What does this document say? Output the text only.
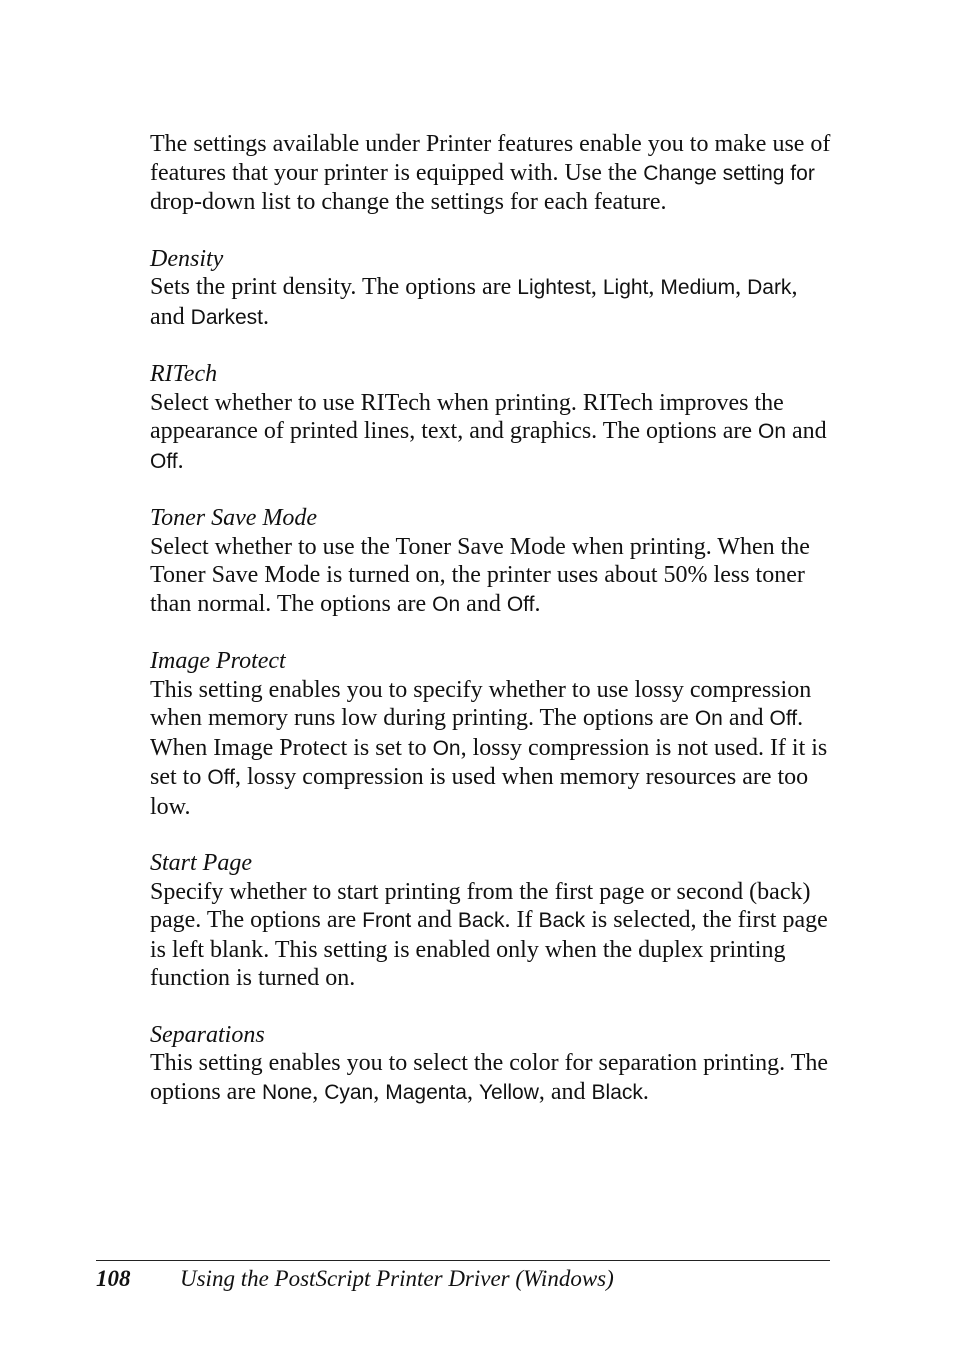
The settings available under Printer features enable you to make use of features that your printer is equipped with. Use the Change setting for drop-down list to change the settings for each feature.

Density

Sets the print density. The options are Lightest, Light, Medium, Dark, and Darkest.

RITech

Select whether to use RITech when printing. RITech improves the appearance of printed lines, text, and graphics. The options are On and Off.

Toner Save Mode

Select whether to use the Toner Save Mode when printing. When the Toner Save Mode is turned on, the printer uses about 50% less toner than normal. The options are On and Off.

Image Protect

This setting enables you to specify whether to use lossy compression when memory runs low during printing. The options are On and Off. When Image Protect is set to On, lossy compression is not used. If it is set to Off, lossy compression is used when memory resources are too low.

Start Page

Specify whether to start printing from the first page or second (back) page. The options are Front and Back. If Back is selected, the first page is left blank. This setting is enabled only when the duplex printing function is turned on.

Separations

This setting enables you to select the color for separation printing. The options are None, Cyan, Magenta, Yellow, and Black.

108 Using the PostScript Printer Driver (Windows)
